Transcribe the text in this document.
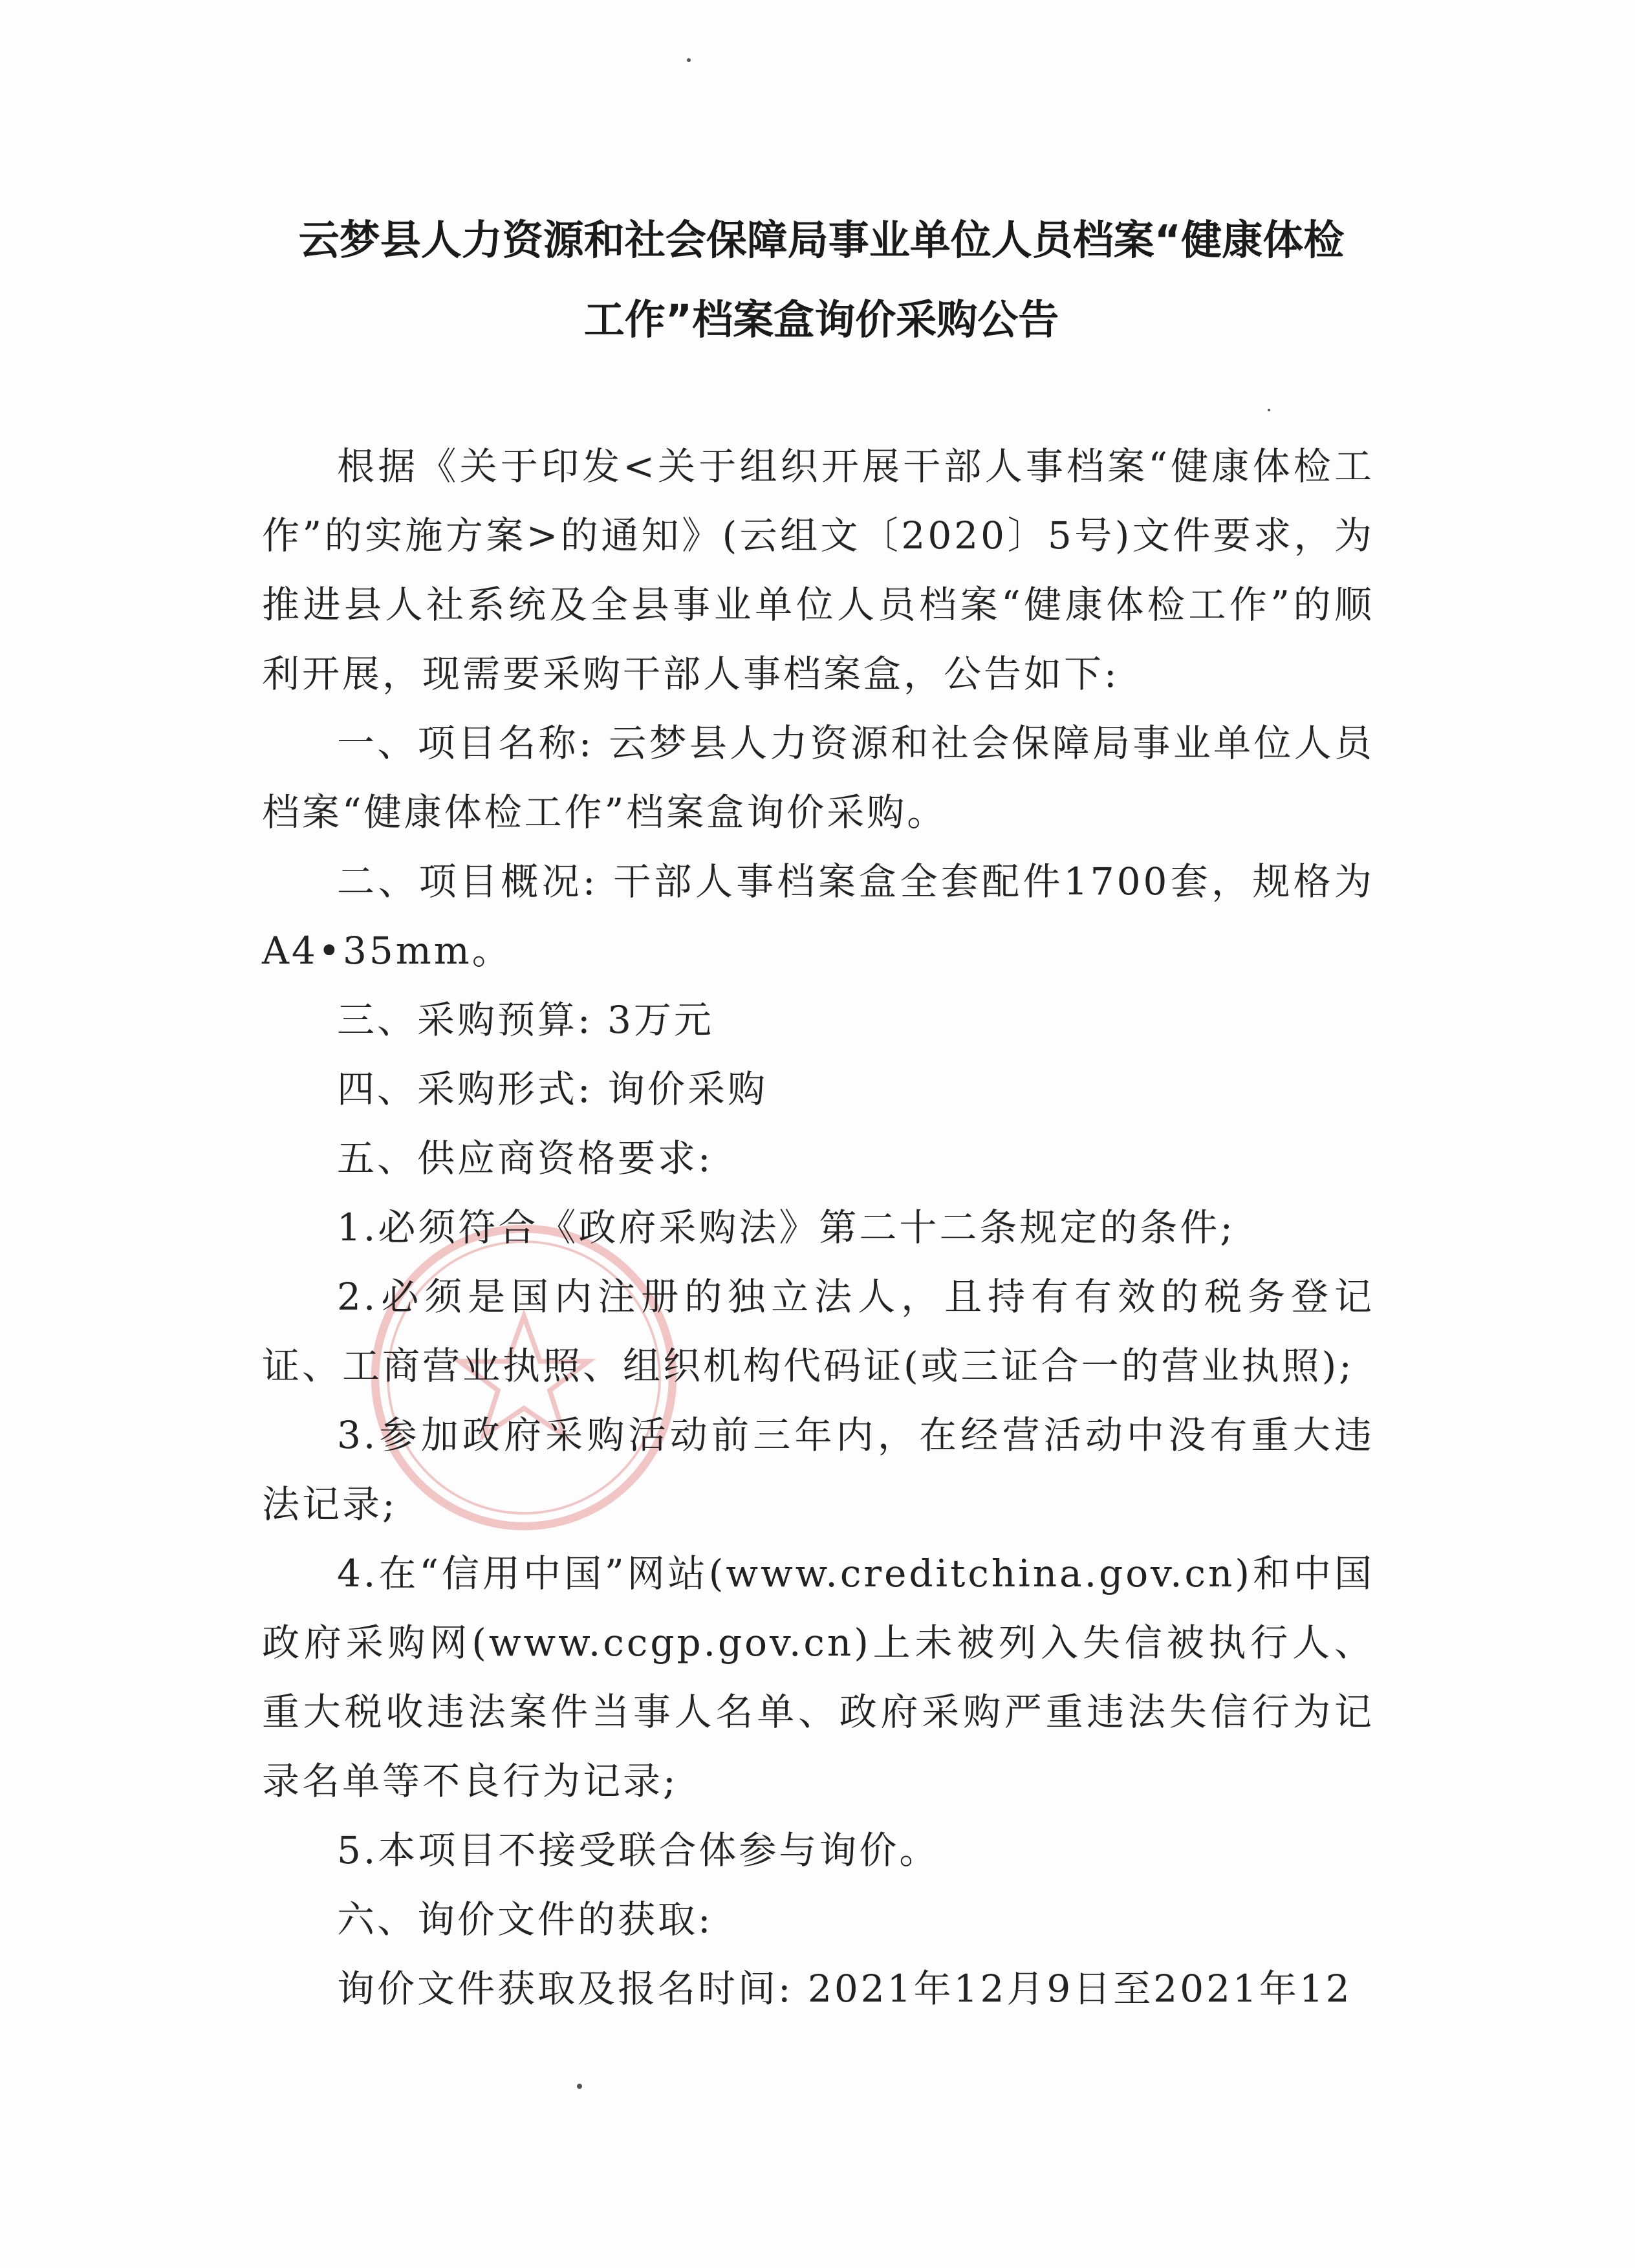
云梦县人力资源和社会保障局事业单位人员档案“健康体检
工作”档案盒询价采购公告

根据《关于印发<关于组织开展干部人事档案“健康体检工作”的实施方案>的通知》(云组文〔2020〕5号)文件要求，为推进县人社系统及全县事业单位人员档案“健康体检工作”的顺利开展，现需要采购干部人事档案盒，公告如下:

一、项目名称: 云梦县人力资源和社会保障局事业单位人员档案“健康体检工作”档案盒询价采购。

二、项目概况: 干部人事档案盒全套配件1700套，规格为A4•35mm。

三、采购预算: 3万元

四、采购形式: 询价采购

五、供应商资格要求:

1.必须符合《政府采购法》第二十二条规定的条件;

2.必须是国内注册的独立法人，且持有有效的税务登记证、工商营业执照、组织机构代码证(或三证合一的营业执照);

3.参加政府采购活动前三年内，在经营活动中没有重大违法记录;

4.在“信用中国”网站(www.creditchina.gov.cn)和中国政府采购网(www.ccgp.gov.cn)上未被列入失信被执行人、重大税收违法案件当事人名单、政府采购严重违法失信行为记录名单等不良行为记录;

5.本项目不接受联合体参与询价。

六、询价文件的获取:

询价文件获取及报名时间: 2021年12月9日至2021年12
